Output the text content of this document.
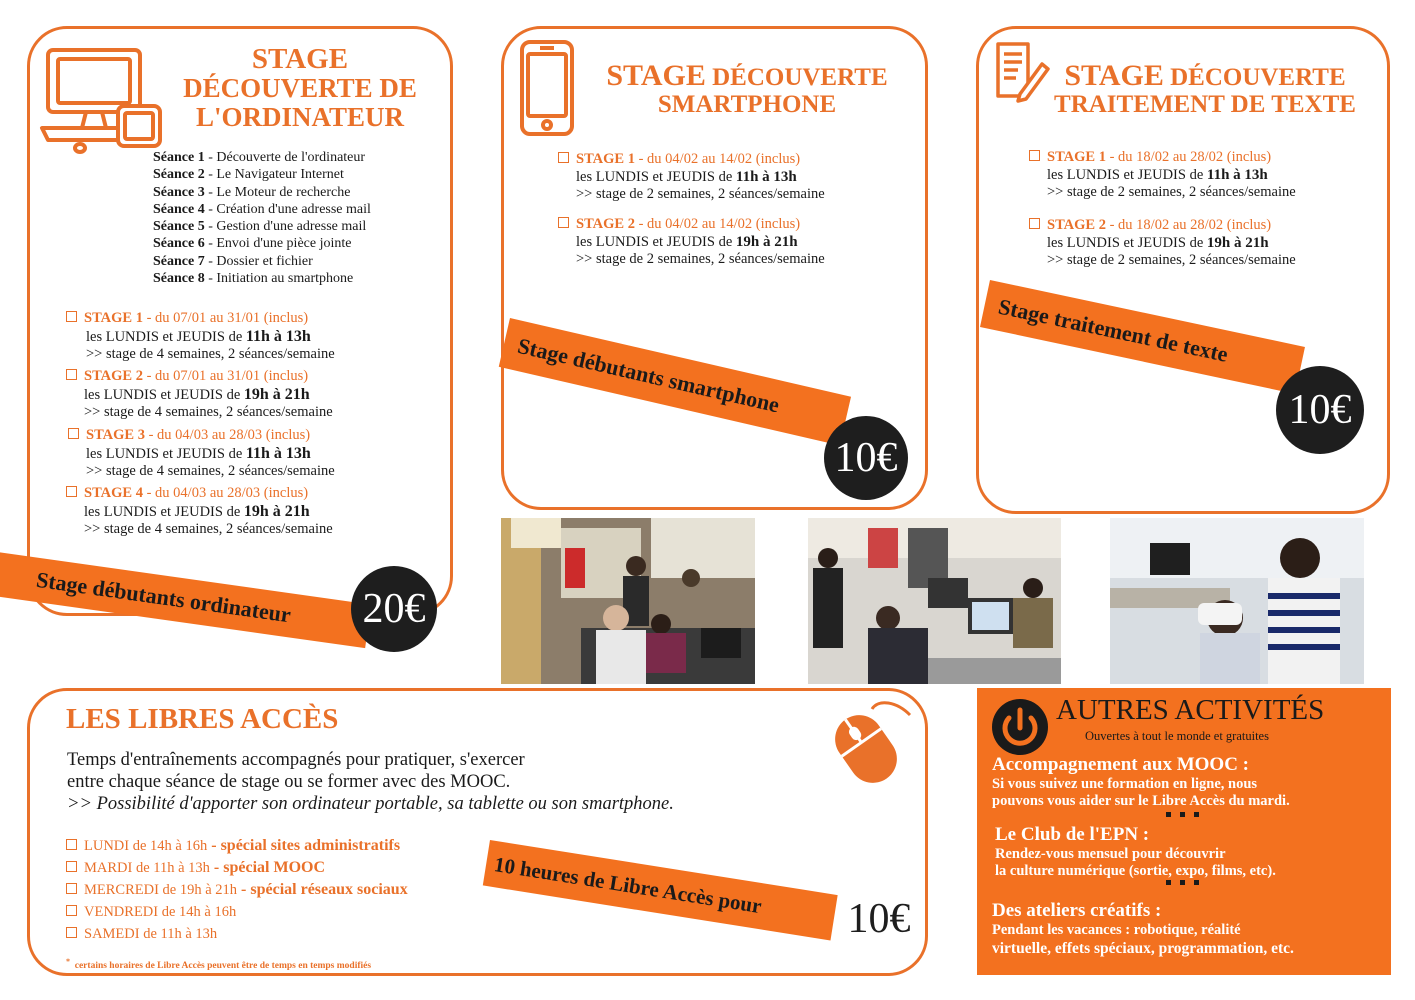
STAGE
DÉCOUVERTE DE
L'ORDINATEUR
Séance 1 - Découverte de l'ordinateur
Séance 2 - Le Navigateur Internet
Séance 3 - Le Moteur de recherche
Séance 4 - Création d'une adresse mail
Séance 5 - Gestion d'une adresse mail
Séance 6 - Envoi d'une pièce jointe
Séance 7 - Dossier et fichier
Séance 8 - Initiation au smartphone
STAGE 1 - du 07/01 au 31/01 (inclus)
les LUNDIS et JEUDIS de 11h à 13h
>> stage de 4 semaines, 2 séances/semaine
STAGE 2 - du 07/01 au 31/01 (inclus)
les LUNDIS et JEUDIS de 19h à 21h
>> stage de 4 semaines, 2 séances/semaine
STAGE 3 - du 04/03 au 28/03 (inclus)
les LUNDIS et JEUDIS de 11h à 13h
>> stage de 4 semaines, 2 séances/semaine
STAGE 4 - du 04/03 au 28/03 (inclus)
les LUNDIS et JEUDIS de 19h à 21h
>> stage de 4 semaines, 2 séances/semaine
Stage débutants ordinateur 20€
STAGE DÉCOUVERTE
SMARTPHONE
STAGE 1 - du 04/02 au 14/02 (inclus)
les LUNDIS et JEUDIS de 11h à 13h
>> stage de 2 semaines, 2 séances/semaine
STAGE 2 - du 04/02 au 14/02 (inclus)
les LUNDIS et JEUDIS de 19h à 21h
>> stage de 2 semaines, 2 séances/semaine
Stage débutants smartphone
10€
STAGE DÉCOUVERTE
TRAITEMENT DE TEXTE
STAGE 1 - du 18/02 au 28/02 (inclus)
les LUNDIS et JEUDIS de 11h à 13h
>> stage de 2 semaines, 2 séances/semaine
STAGE 2 - du 18/02 au 28/02 (inclus)
les LUNDIS et JEUDIS de 19h à 21h
>> stage de 2 semaines, 2 séances/semaine
Stage traitement de texte
10€
LES LIBRES ACCÈS
Temps d'entraînements accompagnés pour pratiquer, s'exercer
entre chaque séance de stage ou se former avec des MOOC.
>> Possibilité d'apporter son ordinateur portable, sa tablette ou son smartphone.
LUNDI de 14h à 16h - spécial sites administratifs
MARDI de 11h à 13h - spécial MOOC
MERCREDI de 19h à 21h - spécial réseaux sociaux
VENDREDI de 14h à 16h
SAMEDI de 11h à 13h
* certains horaires de Libre Accès peuvent être de temps en temps modifiés
10 heures de Libre Accès pour
10€
AUTRES ACTIVITÉS
Ouvertes à tout le monde et gratuites
Accompagnement aux MOOC :
Si vous suivez une formation en ligne, nous
pouvons vous aider sur le Libre Accès du mardi.
Le Club de l'EPN :
Rendez-vous mensuel pour découvrir
la culture numérique (sortie, expo, films, etc).
Des ateliers créatifs :
Pendant les vacances : robotique, réalité
virtuelle, effets spéciaux, programmation, etc.
